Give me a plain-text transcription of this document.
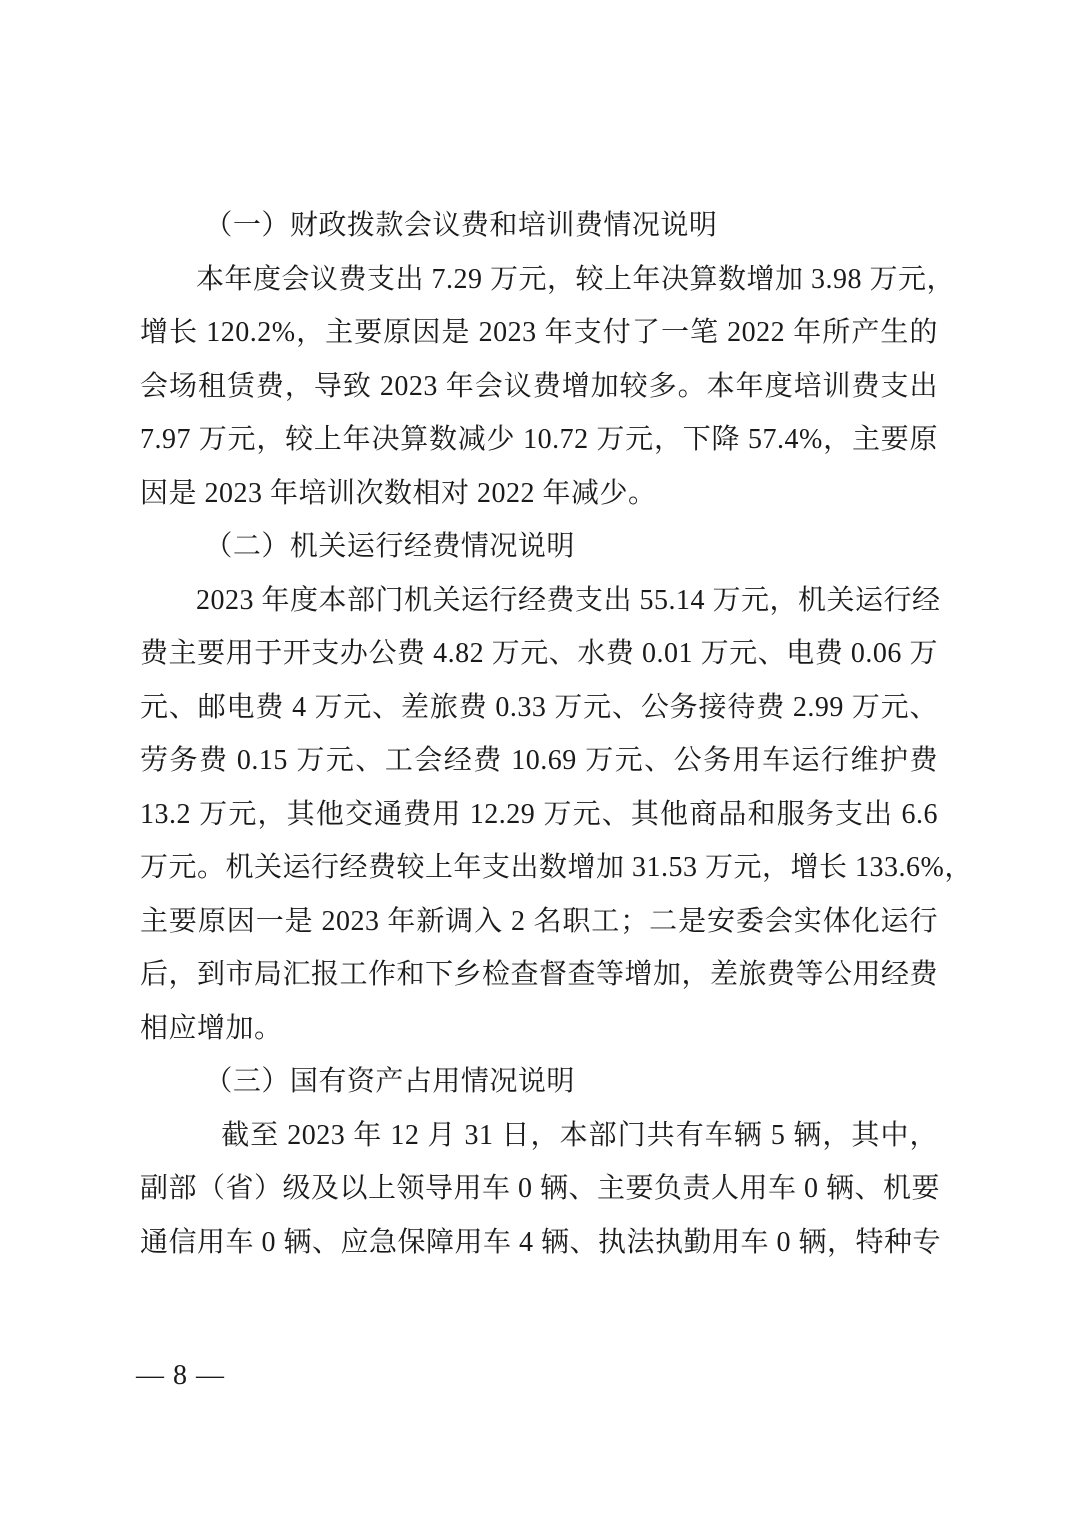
（一）财政拨款会议费和培训费情况说明
本年度会议费支出 7.29 万元，较上年决算数增加 3.98 万元，
增长 120.2%，主要原因是 2023 年支付了一笔 2022 年所产生的
会场租赁费，导致 2023 年会议费增加较多。本年度培训费支出
7.97 万元，较上年决算数减少 10.72 万元，下降 57.4%，主要原
因是 2023 年培训次数相对 2022 年减少。
（二）机关运行经费情况说明
2023 年度本部门机关运行经费支出 55.14 万元，机关运行经
费主要用于开支办公费 4.82 万元、水费 0.01 万元、电费 0.06 万
元、邮电费 4 万元、差旅费 0.33 万元、公务接待费 2.99 万元、
劳务费 0.15 万元、工会经费 10.69 万元、公务用车运行维护费
13.2 万元，其他交通费用 12.29 万元、其他商品和服务支出 6.6
万元。机关运行经费较上年支出数增加 31.53 万元，增长 133.6%，
主要原因一是 2023 年新调入 2 名职工；二是安委会实体化运行
后，到市局汇报工作和下乡检查督查等增加，差旅费等公用经费
相应增加。
（三）国有资产占用情况说明
截至 2023 年 12 月 31 日，本部门共有车辆 5 辆，其中，
副部（省）级及以上领导用车 0 辆、主要负责人用车 0 辆、机要
通信用车 0 辆、应急保障用车 4 辆、执法执勤用车 0 辆，特种专
— 8 —
